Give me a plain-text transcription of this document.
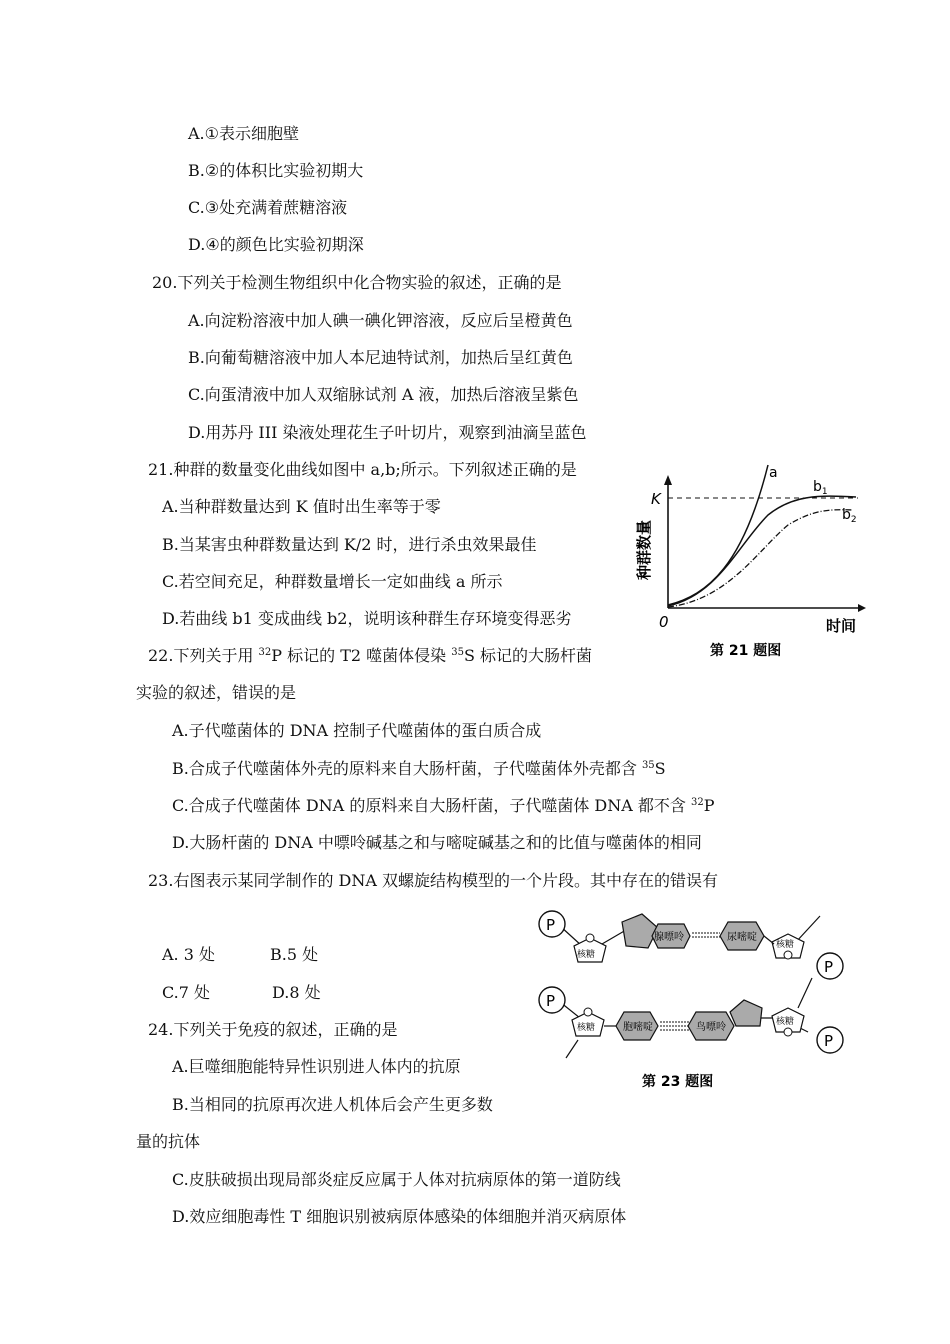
A.①表示细胞壁
B.②的体积比实验初期大
C.③处充满着蔗糖溶液
D.④的颜色比实验初期深
20.下列关于检测生物组织中化合物实验的叙述，正确的是
A.向淀粉溶液中加人碘一碘化钾溶液，反应后呈橙黄色
B.向葡萄糖溶液中加人本尼迪特试剂，加热后呈红黄色
C.向蛋清液中加人双缩脉试剂 A 液，加热后溶液呈紫色
D.用苏丹 III 染液处理花生子叶切片，观察到油滴呈蓝色
21.种群的数量变化曲线如图中 a,b;所示。下列叙述正确的是
A.当种群数量达到 K 值时出生率等于零
B.当某害虫种群数量达到 K/2 时，进行杀虫效果最佳
C.若空间充足，种群数量增长一定如曲线 a 所示
D.若曲线 b1 变成曲线 b2，说明该种群生存环境变得恶劣
K
0
a
$b_1$
$b_2$
时间
种群数量
第 21 题图
22.下列关于用 $^{32}$P 标记的 T2 噬菌体侵染 $^{35}$S 标记的大肠杆菌
实验的叙述，错误的是
A.子代噬菌体的 DNA 控制子代噬菌体的蛋白质合成
B.合成子代噬菌体外壳的原料来自大肠杆菌，子代噬菌体外壳都含 $^{35}$S
C.合成子代噬菌体 DNA 的原料来自大肠杆菌，子代噬菌体 DNA 都不含 $^{32}$P
D.大肠杆菌的 DNA 中嘌呤碱基之和与嘧啶碱基之和的比值与噬菌体的相同
23.右图表示某同学制作的 DNA 双螺旋结构模型的一个片段。其中存在的错误有
A. 3 处	B.5 处
C.7 处	D.8 处
P
P
P
P
核糖
核糖
核糖
核糖
腺嘌呤	尿嘧啶
胞嘧啶	鸟嘌呤
第 23 题图
24.下列关于免疫的叙述，正确的是
A.巨噬细胞能特异性识别进人体内的抗原
B.当相同的抗原再次进人机体后会产生更多数
量的抗体
C.皮肤破损出现局部炎症反应属于人体对抗病原体的第一道防线
D.效应细胞毒性 T 细胞识别被病原体感染的体细胞并消灭病原体
